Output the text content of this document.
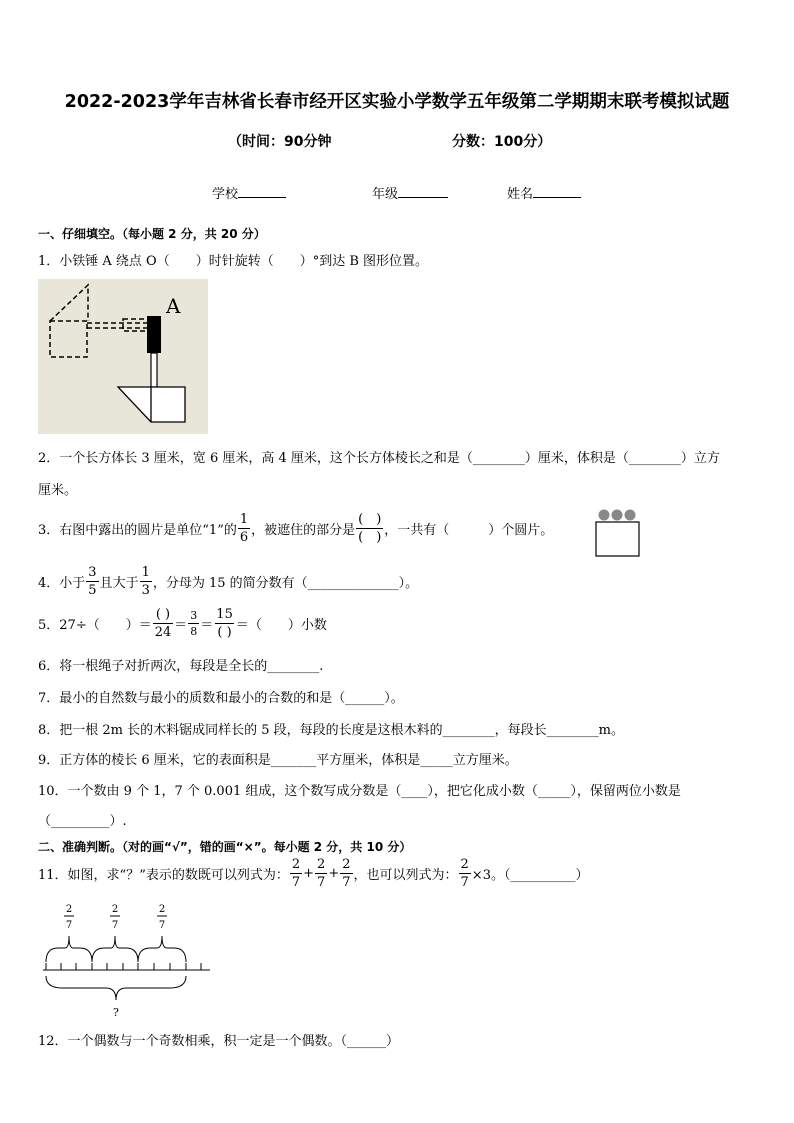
2022-2023学年吉林省长春市经开区实验小学数学五年级第二学期期末联考模拟试题
（时间：90分钟	分数：100分）
学校	年级	姓名
一、仔细填空。（每小题 2 分，共 20 分）
1．小铁锤 A 绕点 O（　　）时针旋转（　　）°到达 B 图形位置。
A
2．一个长方体长 3 厘米，宽 6 厘米，高 4 厘米，这个长方体棱长之和是（________）厘米，体积是（________）立方
厘米。
3．右图中露出的圆片是单位“1”的 $\frac{1}{6}$ ，被遮住的部分是 $\frac{( )}{( )}$ ，一共有（　　　）个圆片。
4．小于 $\frac{3}{5}$ 且大于 $\frac{1}{3}$ ，分母为 15 的简分数有（______________）。
5．27÷（　　）＝ $\frac{( )}{24} = \frac{3}{8} = \frac{15}{( )}$ ＝（　　）小数
6．将一根绳子对折两次，每段是全长的________.
7．最小的自然数与最小的质数和最小的合数的和是（______）。
8．把一根 2m 长的木料锯成同样长的 5 段，每段的长度是这根木料的________，每段长________m。
9．正方体的棱长 6 厘米，它的表面积是_______平方厘米，体积是_____立方厘米。
10．一个数由 9 个 1，7 个 0.001 组成，这个数写成分数是（____），把它化成小数（_____），保留两位小数是
（_________）.
二、准确判断。（对的画“√”，错的画“×”。每小题 2 分，共 10 分）
11．如图，求“？”表示的数既可以列式为： $\frac{2}{7} + \frac{2}{7} + \frac{2}{7}$ ，也可以列式为： $\frac{2}{7} \times 3$。（__________）
2
7
2
7
2
7
?
12．一个偶数与一个奇数相乘，积一定是一个偶数。（______）
